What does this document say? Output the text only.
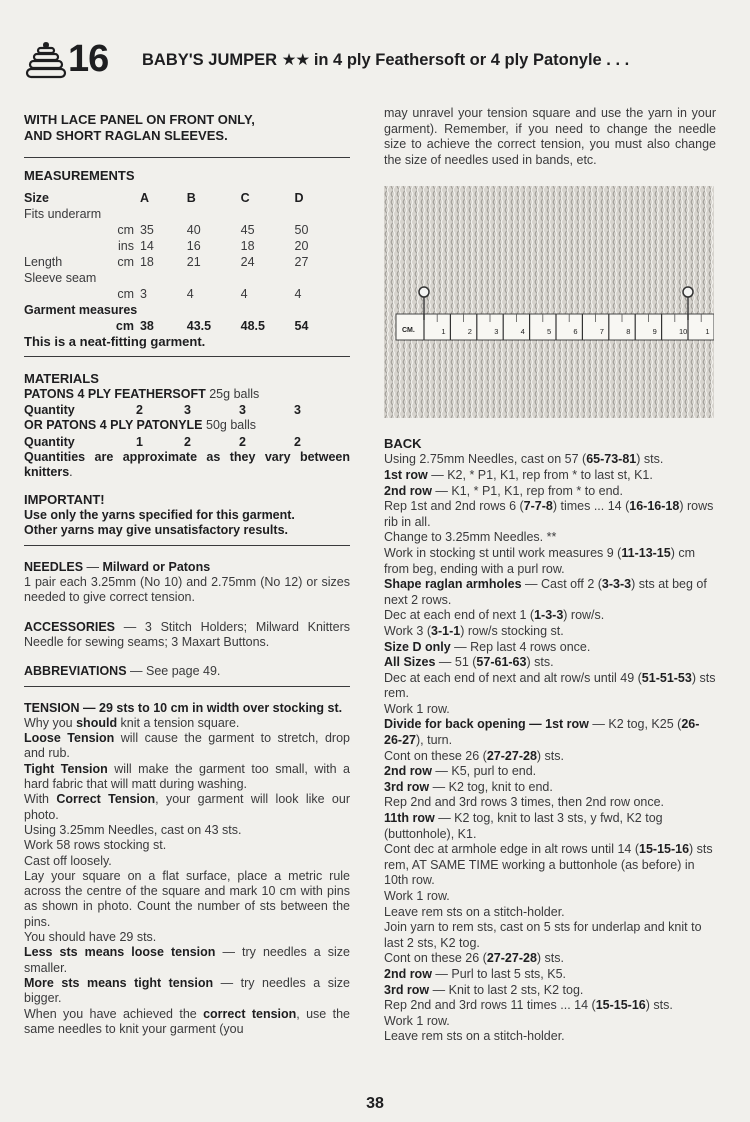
16 BABY'S JUMPER ★★ in 4 ply Feathersoft or 4 ply Patonyle . . .
WITH LACE PANEL ON FRONT ONLY,
AND SHORT RAGLAN SLEEVES.
MEASUREMENTS
Size		A	B	C	D
Fits underarm					
	cm	35	40	45	50
	ins	14	16	18	20
Length	cm	18	21	24	27
Sleeve seam					
	cm	3	4	4	4
Garment measures					
	cm	38	43.5	48.5	54
This is a neat-fitting garment.
MATERIALS

PATONS 4 PLY FEATHERSOFT 25g balls

Quantity	2	3	3	3

OR PATONS 4 PLY PATONYLE 50g balls

Quantity	1	2	2	2

Quantities are approximate as they vary between knitters.

IMPORTANT!

Use only the yarns specified for this garment.

Other yarns may give unsatisfactory results.

NEEDLES — Milward or Patons

1 pair each 3.25mm (No 10) and 2.75mm (No 12) or sizes needed to give correct tension.

ACCESSORIES — 3 Stitch Holders; Milward Knitters Needle for sewing seams; 3 Maxart Buttons.

ABBREVIATIONS — See page 49.

TENSION — 29 sts to 10 cm in width over stocking st.

Why you should knit a tension square.

Loose Tension will cause the garment to stretch, drop and rub.

Tight Tension will make the garment too small, with a hard fabric that will matt during washing.

With Correct Tension, your garment will look like our photo.

Using 3.25mm Needles, cast on 43 sts.

Work 58 rows stocking st.

Cast off loosely.

Lay your square on a flat surface, place a metric rule across the centre of the square and mark 10 cm with pins as shown in photo. Count the number of sts between the pins.

You should have 29 sts.

Less sts means loose tension — try needles a size smaller.

More sts means tight tension — try needles a size bigger.

When you have achieved the correct tension, use the same needles to knit your garment (you

may unravel your tension square and use the yarn in your garment). Remember, if you need to change the needle size to achieve the correct tension, you must also change the size of needles used in bands, etc.

1	2	3	4	5	6	7	8	9	10 1
CM.
BACK

Using 2.75mm Needles, cast on 57 (65-73-81) sts.

1st row — K2, * P1, K1, rep from * to last st, K1.

2nd row — K1, * P1, K1, rep from * to end.

Rep 1st and 2nd rows 6 (7-7-8) times ... 14 (16-16-18) rows rib in all.

Change to 3.25mm Needles. **

Work in stocking st until work measures 9 (11-13-15) cm from beg, ending with a purl row.

Shape raglan armholes — Cast off 2 (3-3-3) sts at beg of next 2 rows.

Dec at each end of next 1 (1-3-3) row/s.

Work 3 (3-1-1) row/s stocking st.

Size D only — Rep last 4 rows once.

All Sizes — 51 (57-61-63) sts.

Dec at each end of next and alt row/s until 49 (51-51-53) sts rem.

Work 1 row.

Divide for back opening — 1st row — K2 tog, K25 (26-26-27), turn.

Cont on these 26 (27-27-28) sts.

2nd row — K5, purl to end.

3rd row — K2 tog, knit to end.

Rep 2nd and 3rd rows 3 times, then 2nd row once.

11th row — K2 tog, knit to last 3 sts, y fwd, K2 tog (buttonhole), K1.

Cont dec at armhole edge in alt rows until 14 (15-15-16) sts rem, AT SAME TIME working a buttonhole (as before) in 10th row.

Work 1 row.

Leave rem sts on a stitch-holder.

Join yarn to rem sts, cast on 5 sts for underlap and knit to last 2 sts, K2 tog.

Cont on these 26 (27-27-28) sts.

2nd row — Purl to last 5 sts, K5.

3rd row — Knit to last 2 sts, K2 tog.

Rep 2nd and 3rd rows 11 times ... 14 (15-15-16) sts.

Work 1 row.

Leave rem sts on a stitch-holder.

38
